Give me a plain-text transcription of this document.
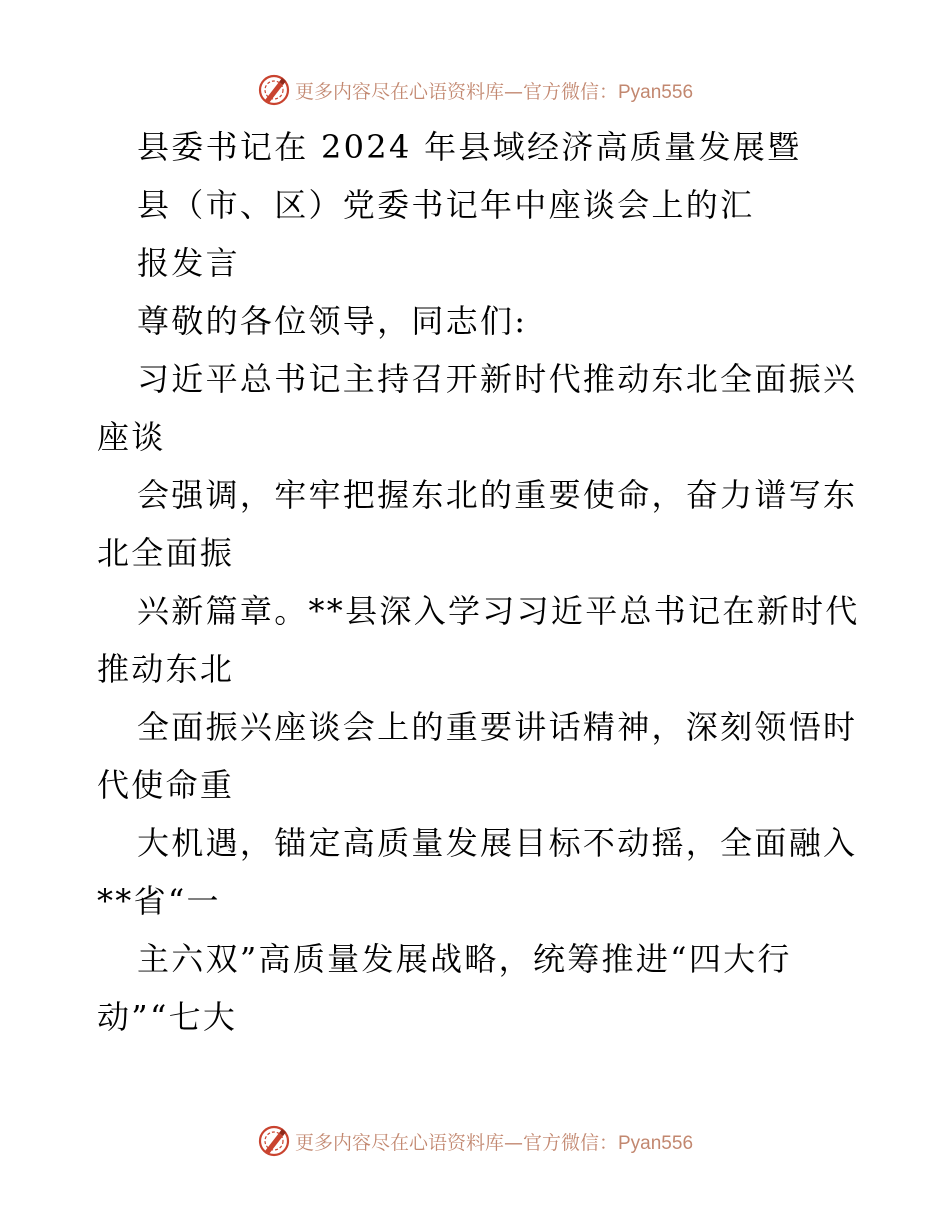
更多内容尽在心语资料库—官方微信：Pyan556
县委书记在 2024 年县域经济高质量发展暨
县（市、区）党委书记年中座谈会上的汇
报发言
尊敬的各位领导，同志们:
习近平总书记主持召开新时代推动东北全面振兴
座谈
会强调，牢牢把握东北的重要使命，奋力谱写东
北全面振
兴新篇章。**县深入学习习近平总书记在新时代
推动东北
全面振兴座谈会上的重要讲话精神，深刻领悟时
代使命重
大机遇，锚定高质量发展目标不动摇，全面融入
**省“一
主六双”高质量发展战略，统筹推进“四大行
动”“七大
更多内容尽在心语资料库—官方微信：Pyan556
